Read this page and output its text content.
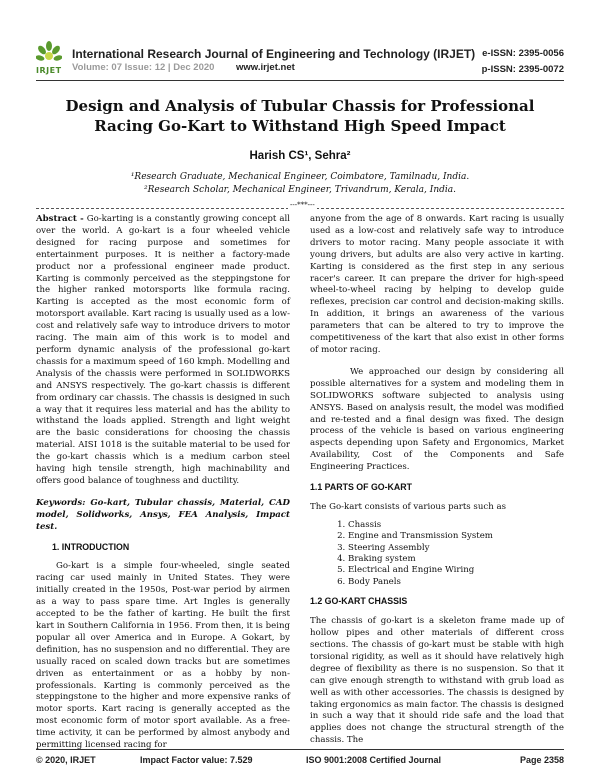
IRJET
International Research Journal of Engineering and Technology (IRJET)
Volume: 07 Issue: 12 | Dec 2020 www.irjet.net
e-ISSN: 2395-0056
p-ISSN: 2395-0072
Design and Analysis of Tubular Chassis for Professional Racing Go-Kart to Withstand High Speed Impact
Harish CS¹, Sehra²
¹Research Graduate, Mechanical Engineer, Coimbatore, Tamilnadu, India.
²Research Scholar, Mechanical Engineer, Trivandrum, Kerala, India.
---***---

Abstract - Go-karting is a constantly growing concept all over the world. A go-kart is a four wheeled vehicle designed for racing purpose and sometimes for entertainment purposes. It is neither a factory-made product nor a professional engineer made product. Karting is commonly perceived as the steppingstone for the higher ranked motorsports like formula racing. Karting is accepted as the most economic form of motorsport available. Kart racing is usually used as a low-cost and relatively safe way to introduce drivers to motor racing. The main aim of this work is to model and perform dynamic analysis of the professional go-kart chassis for a maximum speed of 160 kmph. Modelling and Analysis of the chassis were performed in SOLIDWORKS and ANSYS respectively. The go-kart chassis is different from ordinary car chassis. The chassis is designed in such a way that it requires less material and has the ability to withstand the loads applied. Strength and light weight are the basic considerations for choosing the chassis material. AISI 1018 is the suitable material to be used for the go-kart chassis which is a medium carbon steel having high tensile strength, high machinability and offers good balance of toughness and ductility.

Keywords: Go-kart, Tubular chassis, Material, CAD model, Solidworks, Ansys, FEA Analysis, Impact test.

1. INTRODUCTION

Go-kart is a simple four-wheeled, single seated racing car used mainly in United States. They were initially created in the 1950s, Post-war period by airmen as a way to pass spare time. Art Ingles is generally accepted to be the father of karting. He built the first kart in Southern California in 1956. From then, it is being popular all over America and in Europe. A Gokart, by definition, has no suspension and no differential. They are usually raced on scaled down tracks but are sometimes driven as entertainment or as a hobby by non-professionals. Karting is commonly perceived as the steppingstone to the higher and more expensive ranks of motor sports. Kart racing is generally accepted as the most economic form of motor sport available. As a free-time activity, it can be performed by almost anybody and permitting licensed racing for

anyone from the age of 8 onwards. Kart racing is usually used as a low-cost and relatively safe way to introduce drivers to motor racing. Many people associate it with young drivers, but adults are also very active in karting. Karting is considered as the first step in any serious racer's career. It can prepare the driver for high-speed wheel-to-wheel racing by helping to develop guide reflexes, precision car control and decision-making skills. In addition, it brings an awareness of the various parameters that can be altered to try to improve the competitiveness of the kart that also exist in other forms of motor racing.

We approached our design by considering all possible alternatives for a system and modeling them in SOLIDWORKS software subjected to analysis using ANSYS. Based on analysis result, the model was modified and re-tested and a final design was fixed. The design process of the vehicle is based on various engineering aspects depending upon Safety and Ergonomics, Market Availability, Cost of the Components and Safe Engineering Practices.

1.1 PARTS OF GO-KART

The Go-kart consists of various parts such as

1. Chassis
2. Engine and Transmission System
3. Steering Assembly
4. Braking system
5. Electrical and Engine Wiring
6. Body Panels

1.2 GO-KART CHASSIS

The chassis of go-kart is a skeleton frame made up of hollow pipes and other materials of different cross sections. The chassis of go-kart must be stable with high torsional rigidity, as well as it should have relatively high degree of flexibility as there is no suspension. So that it can give enough strength to withstand with grub load as well as with other accessories. The chassis is designed by taking ergonomics as main factor. The chassis is designed in such a way that it should ride safe and the load that applies does not change the structural strength of the chassis. The

© 2020, IRJET	Impact Factor value: 7.529	ISO 9001:2008 Certified Journal	Page 2358
